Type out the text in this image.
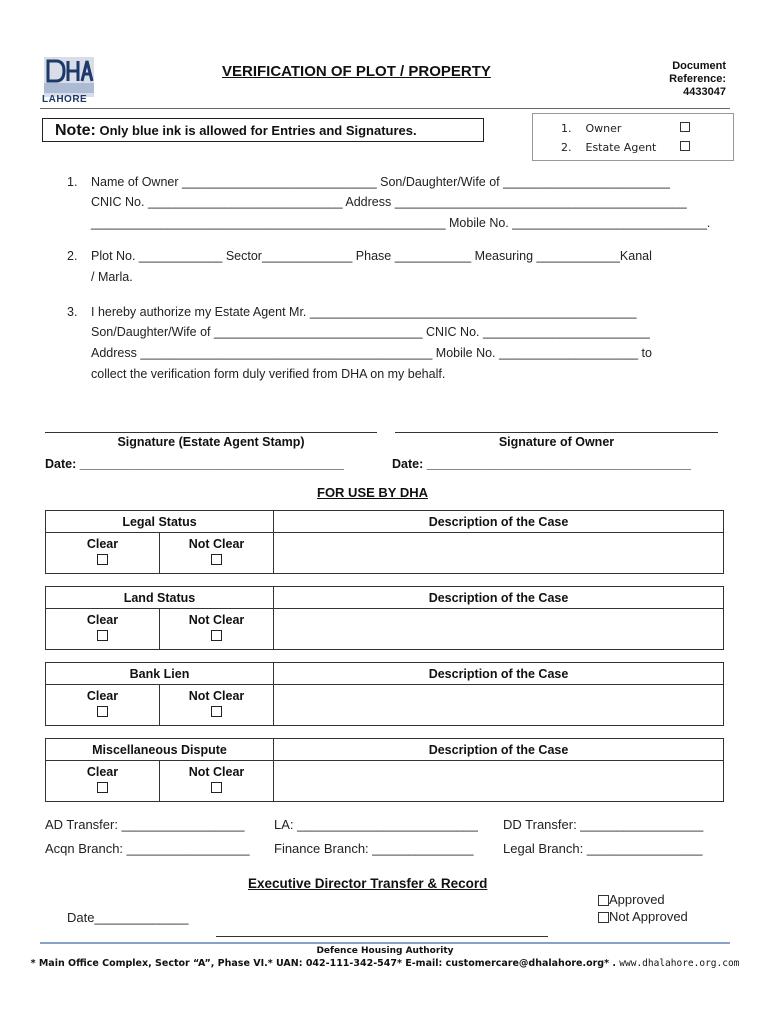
LAHORE
VERIFICATION OF PLOT / PROPERTY	Document
Reference:
4433047
Note: Only blue ink is allowed for Entries and Signatures.	1. Owner
2. Estate Agent
1. Name of Owner ____________________________ Son/Daughter/Wife of ________________________
CNIC No. ____________________________ Address __________________________________________
___________________________________________________ Mobile No. ____________________________.
2. Plot No. ____________ Sector_____________ Phase ___________ Measuring ____________Kanal
/ Marla.
3. I hereby authorize my Estate Agent Mr. _______________________________________________
Son/Daughter/Wife of ______________________________ CNIC No. ________________________
Address __________________________________________ Mobile No. ____________________ to
collect the verification form duly verified from DHA on my behalf.
Signature (Estate Agent Stamp)	Signature of Owner
Date: ______________________________________	Date: ______________________________________
FOR USE BY DHA
Legal Status	Description of the Case
Clear	Not Clear
Land Status	Description of the Case
Clear	Not Clear
Bank Lien	Description of the Case
Clear	Not Clear
Miscellaneous Dispute	Description of the Case
Clear	Not Clear
AD Transfer: _________________ LA: _________________________ DD Transfer: _________________
Acqn Branch: _________________ Finance Branch: ______________ Legal Branch: ________________
Executive Director Transfer & Record
Approved
Not Approved
Date_____________
Defence Housing Authority
* Main Office Complex, Sector “A”, Phase VI.* UAN: 042-111-342-547* E-mail: customercare@dhalahore.org* . www.dhalahore.org.com
